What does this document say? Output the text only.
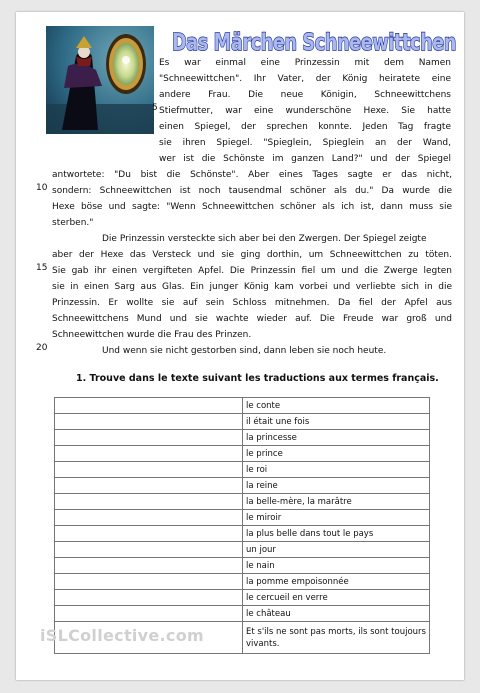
Das Märchen Schneewittchen
Es war einmal eine Prinzessin mit dem Namen
"Schneewittchen". Ihr Vater, der König heiratete eine
andere Frau. Die neue Königin, Schneewittchens
Stiefmutter, war eine wunderschöne Hexe. Sie hatte
einen Spiegel, der sprechen konnte. Jeden Tag fragte
sie ihren Spiegel. "Spieglein, Spieglein an der Wand,
wer ist die Schönste im ganzen Land?" und der Spiegel
5
10
15
20
antwortete: "Du bist die Schönste". Aber eines Tages sagte er das nicht,
sondern: Schneewittchen ist noch tausendmal schöner als du." Da wurde die
Hexe böse und sagte: "Wenn Schneewittchen schöner als ich ist, dann muss sie
sterben."
Die Prinzessin versteckte sich aber bei den Zwergen. Der Spiegel zeigte
aber der Hexe das Versteck und sie ging dorthin, um Schneewittchen zu töten.
Sie gab ihr einen vergifteten Apfel. Die Prinzessin fiel um und die Zwerge legten
sie in einen Sarg aus Glas. Ein junger König kam vorbei und verliebte sich in die
Prinzessin. Er wollte sie auf sein Schloss mitnehmen. Da fiel der Apfel aus
Schneewittchens Mund und sie wachte wieder auf. Die Freude war groß und
Schneewittchen wurde die Frau des Prinzen.
Und wenn sie nicht gestorben sind, dann leben sie noch heute.
1. Trouve dans le texte suivant les traductions aux termes français.
	le conte
	il était une fois
	la princesse
	le prince
	le roi
	la reine
	la belle-mère, la marâtre
	le miroir
	la plus belle dans tout le pays
	un jour
	le nain
	la pomme empoisonnée
	le cercueil en verre
	le château
	Et s'ils ne sont pas morts, ils sont toujours vivants.
iSLCollective.com
